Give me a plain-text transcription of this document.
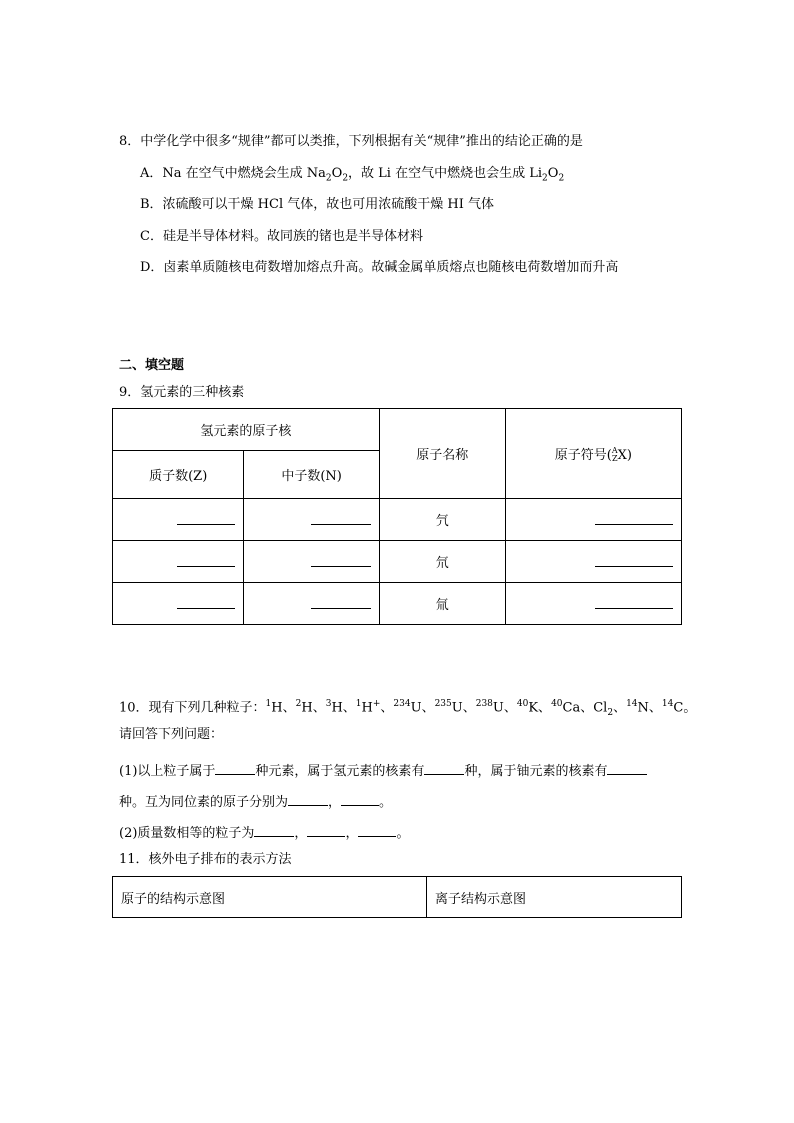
8．中学化学中很多“规律”都可以类推，下列根据有关“规律”推出的结论正确的是
A．Na 在空气中燃烧会生成 $Na_2O_2$，故 Li 在空气中燃烧也会生成 $Li_2O_2$
B．浓硫酸可以干燥 HCl 气体，故也可用浓硫酸干燥 HI 气体
C．硅是半导体材料。故同族的锗也是半导体材料
D．卤素单质随核电荷数增加熔点升高。故碱金属单质熔点也随核电荷数增加而升高
二、填空题
9．氢元素的三种核素
氢元素的原子核		原子名称	原子符号( A
Z X)
质子数(Z)	中子数(N)		
		氕	
		氘	
		氚	
10．现有下列几种粒子：$^1$H、$^2$H、$^3$H、$^1$H+、$^{234}$U、$^{235}$U、$^{238}$U、$^{40}$K、$^{40}$Ca、$Cl_2$、$^{14}$N、$^{14}$C。
请回答下列问题：
(1)以上粒子属于	种元素，属于氢元素的核素有	种，属于铀元素的核素有
种。互为同位素的原子分别为	，	。
(2)质量数相等的粒子为	，	，	。
11．核外电子排布的表示方法
原子的结构示意图	离子结构示意图
